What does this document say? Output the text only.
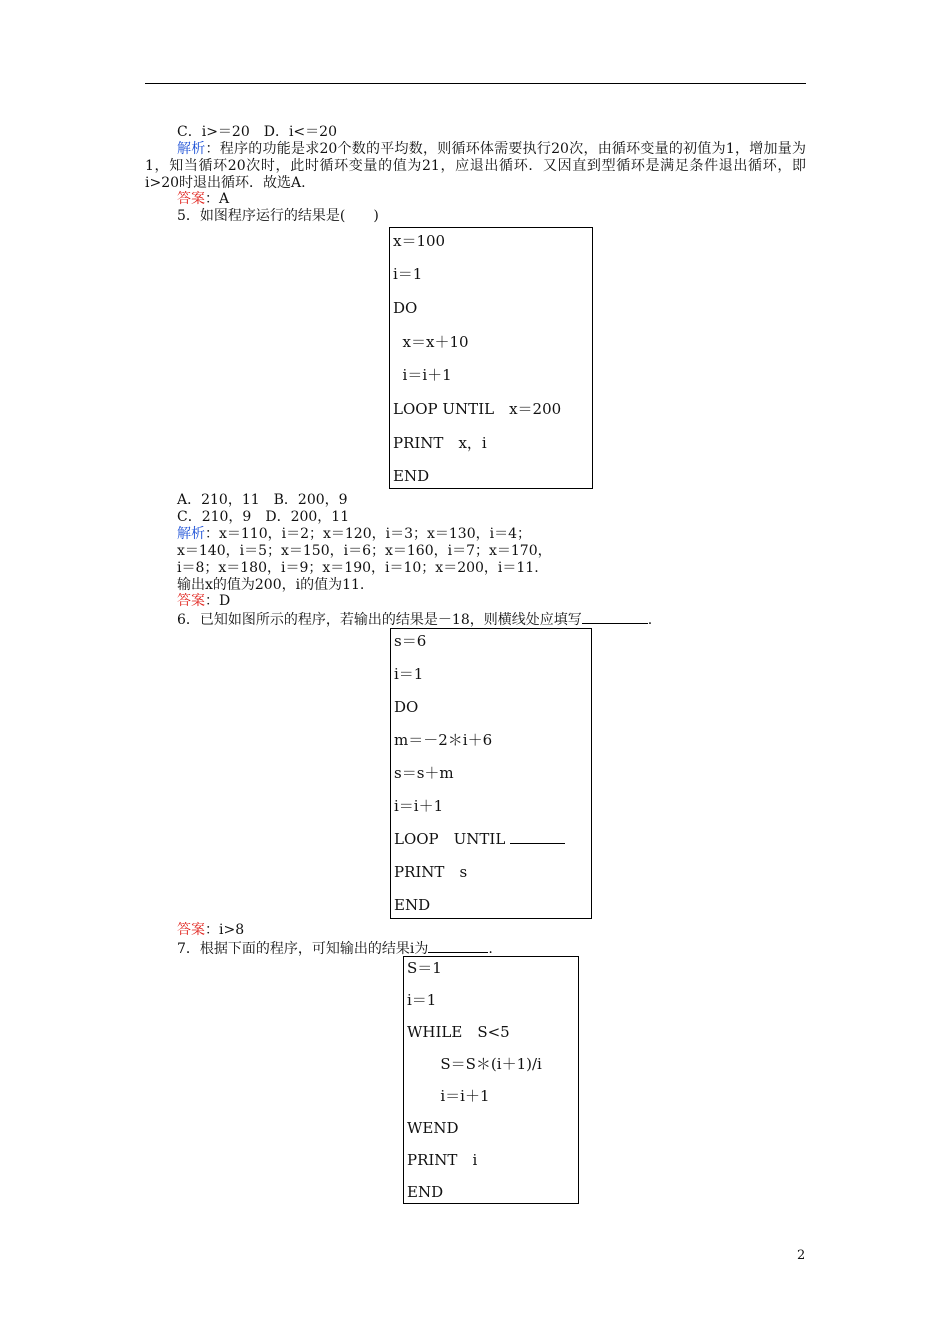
C．i>＝20　D．i<＝20

解析：程序的功能是求20个数的平均数，则循环体需要执行20次，由循环变量的初值为1，增加量为1，知当循环20次时，此时循环变量的值为21，应退出循环．又因直到型循环是满足条件退出循环，即i>20时退出循环．故选A.

答案：A

5．如图程序运行的结果是(　　)

x＝100

i＝1

DO

x＝x＋10

i＝i＋1

LOOP UNTIL　x＝200

PRINT　x，i

END

A．210，11　B．200，9

C．210，9　D．200，11

解析：x＝110，i＝2；x＝120，i＝3；x＝130，i＝4；

x＝140，i＝5；x＝150，i＝6；x＝160，i＝7；x＝170，

i＝8；x＝180，i＝9；x＝190，i＝10；x＝200，i＝11.

输出x的值为200，i的值为11.

答案：D

6．已知如图所示的程序，若输出的结果是－18，则横线处应填写	.

s＝6

i＝1

DO

m＝－2＊i＋6

s＝s＋m

i＝i＋1

LOOP　UNTIL

PRINT　s

END

答案：i>8

7．根据下面的程序，可知输出的结果i为	.

S＝1

i＝1

WHILE　S<5

S＝S＊(i＋1)/i

i＝i＋1

WEND

PRINT　i

END

2
